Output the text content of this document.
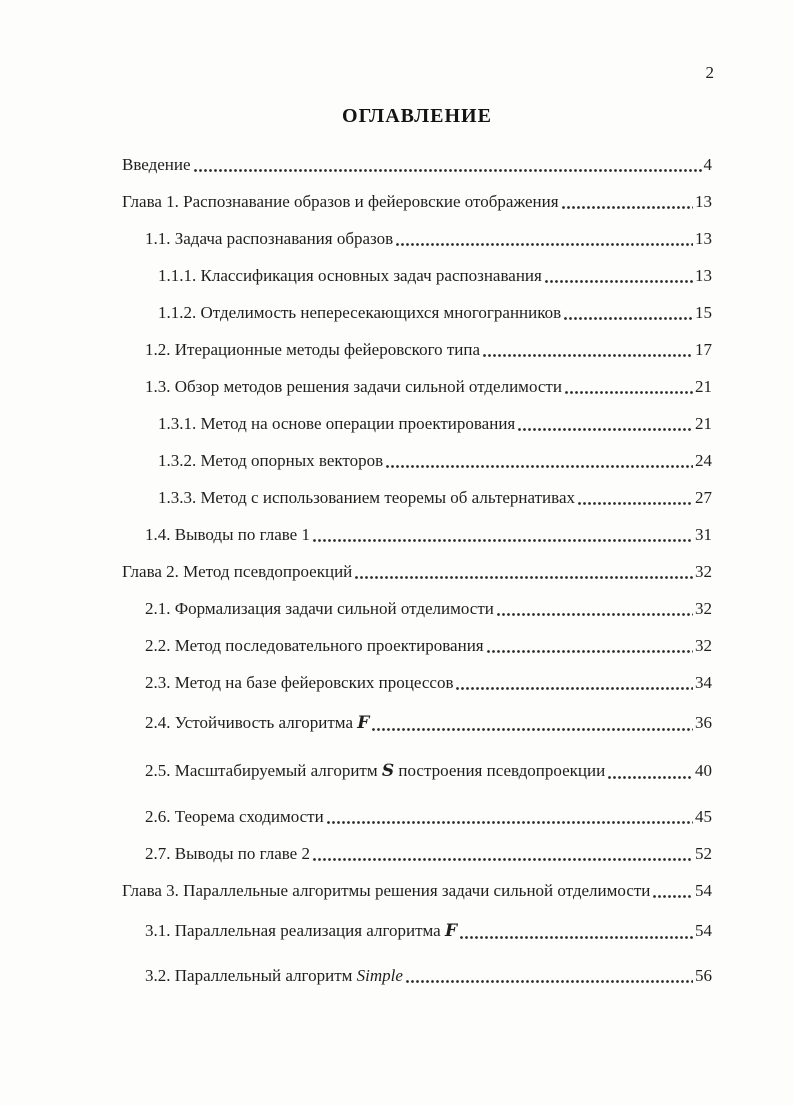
2
ОГЛАВЛЕНИЕ
Введение	4
Глава 1. Распознавание образов и фейеровские отображения	13
1.1. Задача распознавания образов	13
1.1.1. Классификация основных задач распознавания	13
1.1.2. Отделимость непересекающихся многогранников	15
1.2. Итерационные методы фейеровского типа	17
1.3. Обзор методов решения задачи сильной отделимости	21
1.3.1. Метод на основе операции проектирования	21
1.3.2. Метод опорных векторов	24
1.3.3. Метод с использованием теоремы об альтернативах	27
1.4. Выводы по главе 1	31
Глава 2. Метод псевдопроекций	32
2.1. Формализация задачи сильной отделимости	32
2.2. Метод последовательного проектирования	32
2.3. Метод на базе фейеровских процессов	34
2.4. Устойчивость алгоритма F	36
2.5. Масштабируемый алгоритм S построения псевдопроекции	40
2.6. Теорема сходимости	45
2.7. Выводы по главе 2	52
Глава 3. Параллельные алгоритмы решения задачи сильной отделимости	54
3.1. Параллельная реализация алгоритма F	54
3.2. Параллельный алгоритм Simple	56
